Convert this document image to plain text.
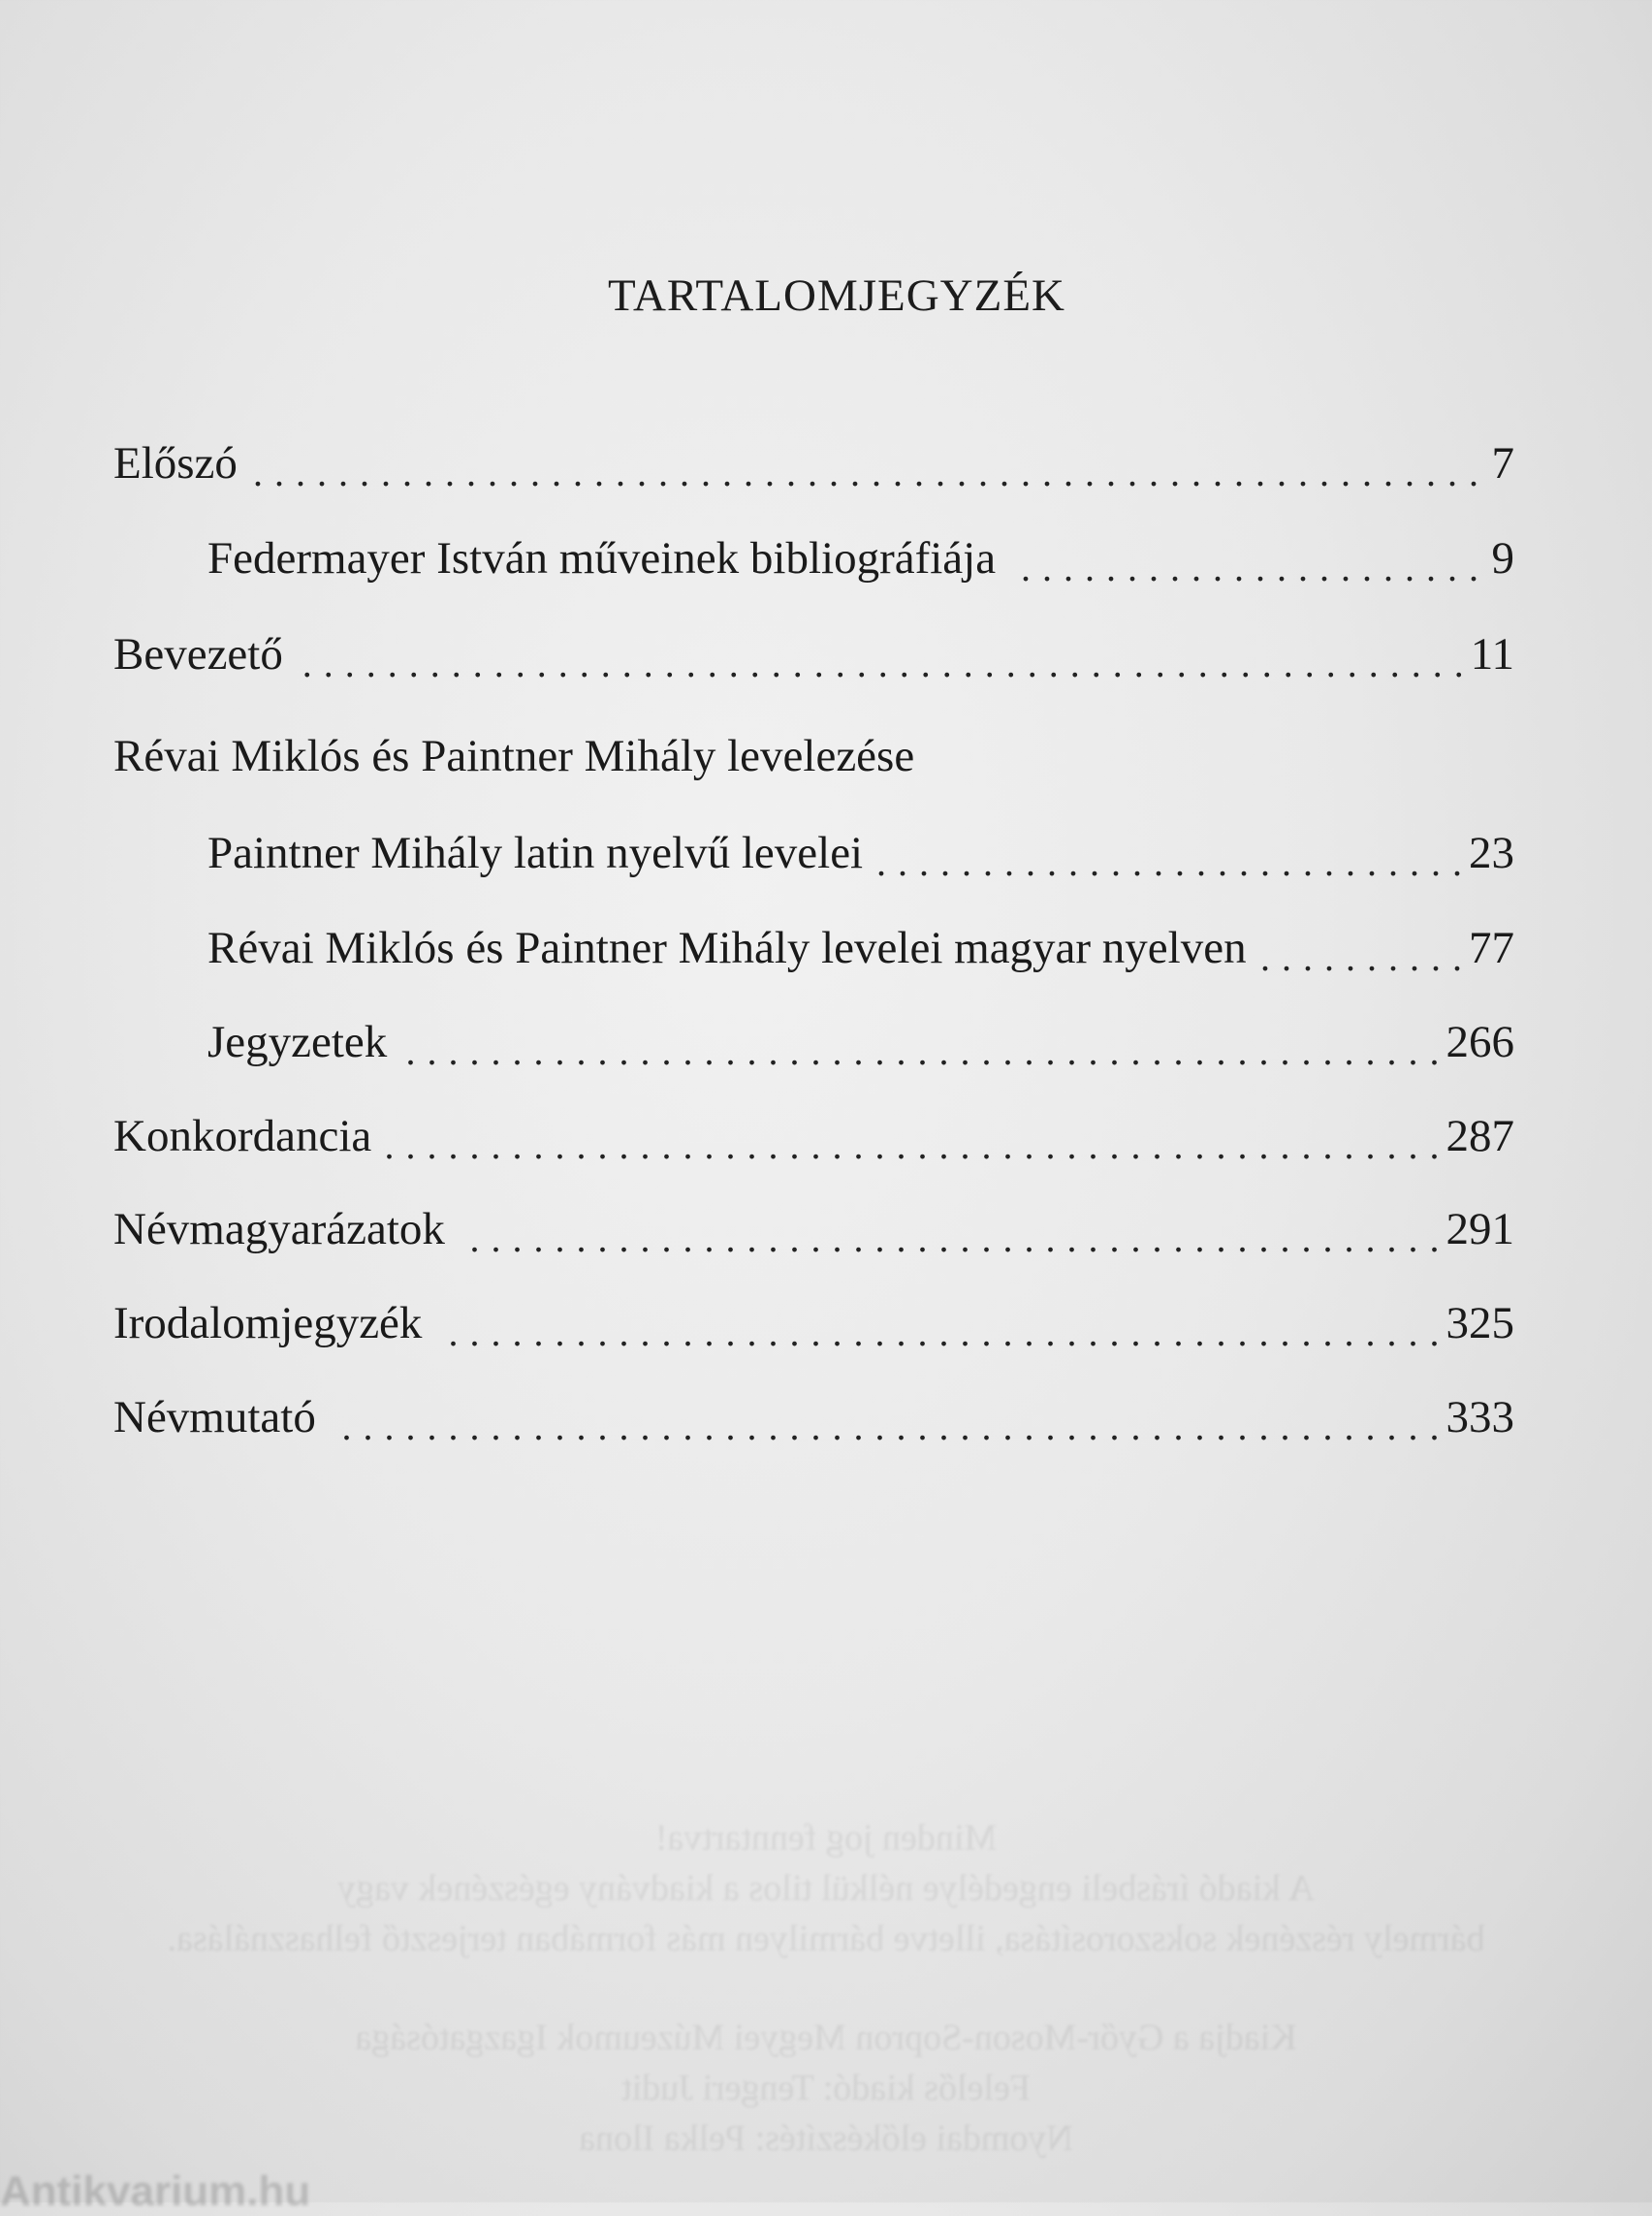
TARTALOMJEGYZÉK
Előszó . . .	7
Federmayer István műveinek bibliográfiája . . .	9
Bevezető . . .	11
Révai Miklós és Paintner Mihály levelezése
Paintner Mihály latin nyelvű levelei . . .	23
Révai Miklós és Paintner Mihály levelei magyar nyelven . . .	77
Jegyzetek . . .	266
Konkordancia . . .	287
Névmagyarázatok . . .	291
Irodalomjegyzék . . .	325
Névmutató . . .	333
Minden jog fenntartva!
A kiadó írásbeli engedélye nélkül tilos a kiadvány egészének vagy
bármely részének sokszorosítása, illetve bármilyen más formában terjesztő felhasználása.
Kiadja a Győr-Moson-Sopron Megyei Múzeumok Igazgatósága
Felelős kiadó: Tengeri Judit
Nyomdai előkészítés: Pelka Ilona
Antikvarium.hu
